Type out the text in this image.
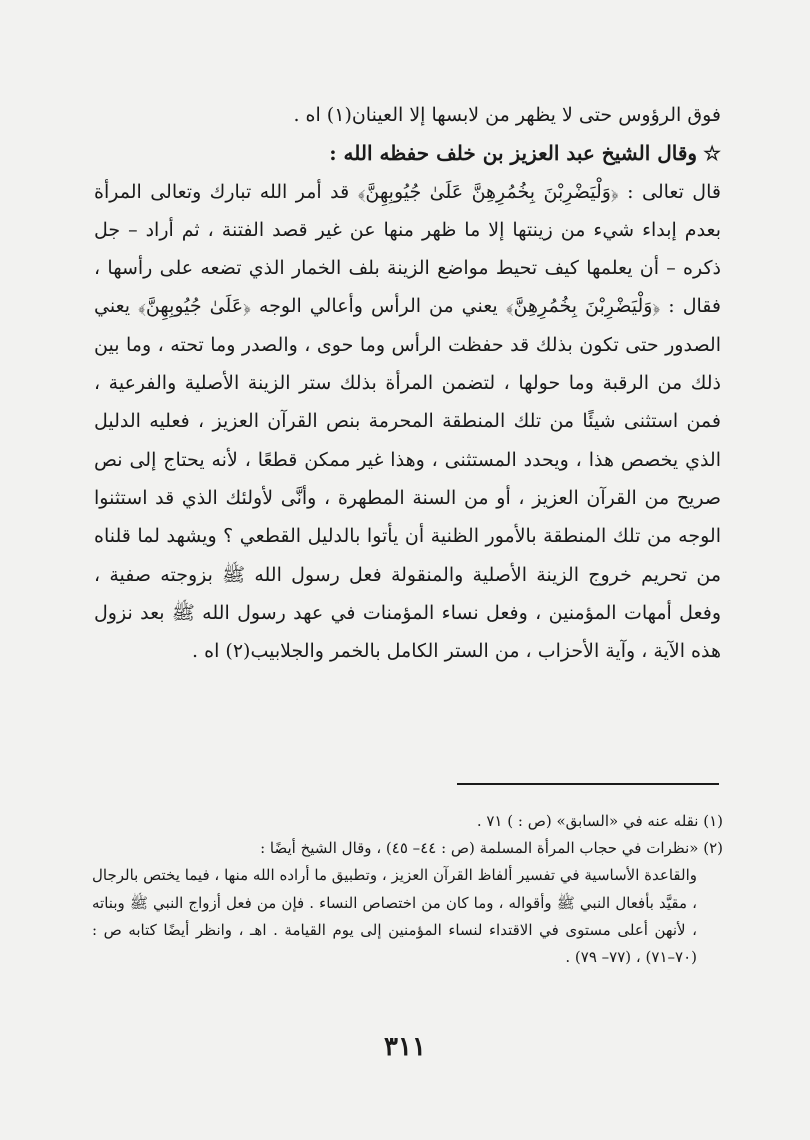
فوق الرؤوس حتى لا يظهر من لابسها إلا العينان(١) اه .

☆وقال الشيخ عبد العزيز بن خلف حفظه الله :

قال تعالى : ﴿وَلْيَضْرِبْنَ بِخُمُرِهِنَّ عَلَىٰ جُيُوبِهِنَّ﴾ قد أمر الله تبارك وتعالى المرأة بعدم إبداء شيء من زينتها إلا ما ظهر منها عن غير قصد الفتنة ، ثم أراد – جل ذكره – أن يعلمها كيف تحيط مواضع الزينة بلف الخمار الذي تضعه على رأسها ، فقال : ﴿وَلْيَضْرِبْنَ بِخُمُرِهِنَّ﴾ يعني من الرأس وأعالي الوجه ﴿عَلَىٰ جُيُوبِهِنَّ﴾ يعني الصدور حتى تكون بذلك قد حفظت الرأس وما حوى ، والصدر وما تحته ، وما بين ذلك من الرقبة وما حولها ، لتضمن المرأة بذلك ستر الزينة الأصلية والفرعية ، فمن استثنى شيئًا من تلك المنطقة المحرمة بنص القرآن العزيز ، فعليه الدليل الذي يخصص هذا ، ويحدد المستثنى ، وهذا غير ممكن قطعًا ، لأنه يحتاج إلى نص صريح من القرآن العزيز ، أو من السنة المطهرة ، وأنَّى لأولئك الذي قد استثنوا الوجه من تلك المنطقة بالأمور الظنية أن يأتوا بالدليل القطعي ؟ ويشهد لما قلناه من تحريم خروج الزينة الأصلية والمنقولة فعل رسول الله ﷺ بزوجته صفية ، وفعل أمهات المؤمنين ، وفعل نساء المؤمنات في عهد رسول الله ﷺ بعد نزول هذه الآية ، وآية الأحزاب ، من الستر الكامل بالخمر والجلابيب(٢) اه .

(١) نقله عنه في «السابق» (ص : ) ٧١ .

(٢) «نظرات في حجاب المرأة المسلمة (ص : ٤٤– ٤٥) ، وقال الشيخ أيضًا :

والقاعدة الأساسية في تفسير ألفاظ القرآن العزيز ، وتطبيق ما أراده الله منها ، فيما يختص بالرجال ، مقيَّد بأفعال النبي ﷺ وأقواله ، وما كان من اختصاص النساء . فإن من فعل أزواج النبي ﷺ وبناته ، لأنهن أعلى مستوى في الاقتداء لنساء المؤمنين إلى يوم القيامة . اهـ ، وانظر أيضًا كتابه ص : (٧٠–٧١) ، (٧٧– ٧٩) .

٣١١
